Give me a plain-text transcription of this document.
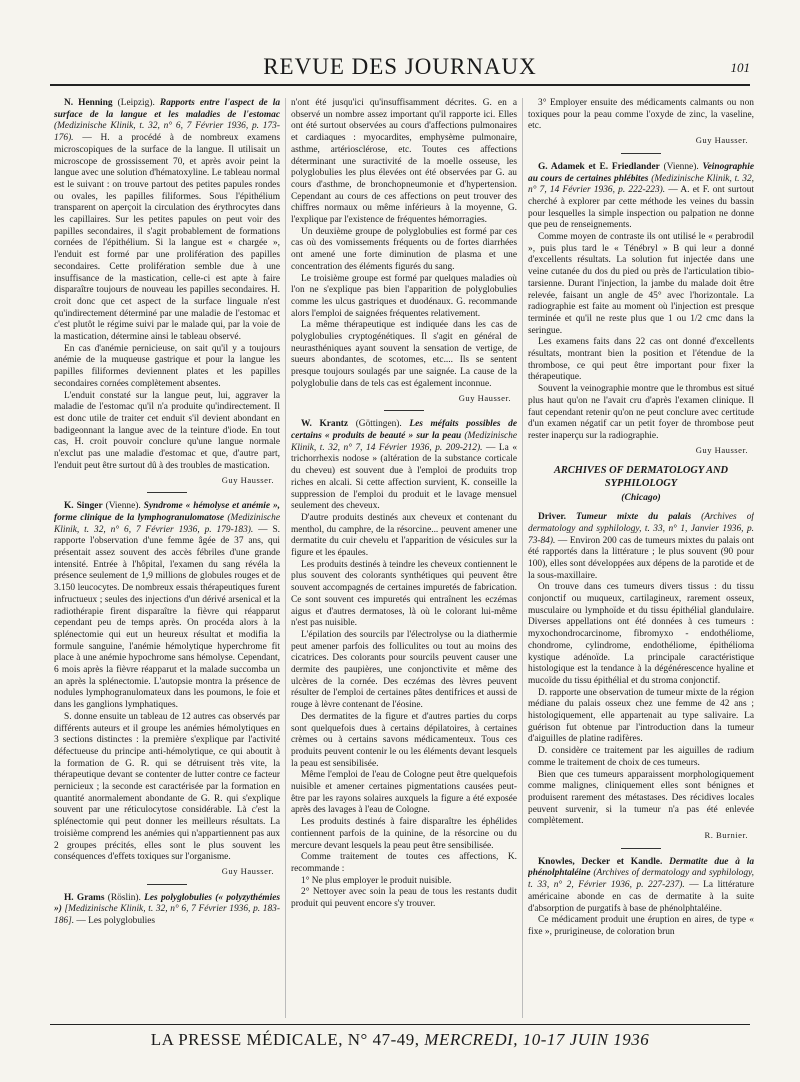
REVUE DES JOURNAUX	101

N. Henning (Leipzig). Rapports entre l'aspect de la surface de la langue et les maladies de l'estomac (Medizinische Klinik, t. 32, n° 6, 7 Février 1936, p. 173-176). — H. a procédé à de nombreux examens microscopiques de la surface de la langue. Il utilisait un microscope de grossissement 70, et après avoir peint la langue avec une solution d'hématoxyline. Le tableau normal est le suivant : on trouve partout des petites papules rondes ou ovales, les papilles filiformes. Sous l'épithélium transparent on aperçoit la circulation des érythrocytes dans les capillaires. Sur les petites papules on peut voir des papilles secondaires, il s'agit probablement de formations cornées de l'épithélium. Si la langue est « chargée », l'enduit est formé par une prolifération des papilles secondaires. Cette prolifération semble due à une insuffisance de la mastication, celle-ci est apte à faire disparaître toujours de nouveau les papilles secondaires. H. croit donc que cet aspect de la surface linguale n'est qu'indirectement déterminé par une maladie de l'estomac et c'est plutôt le régime suivi par le malade qui, par la voie de la mastication, détermine ainsi le tableau observé.

En cas d'anémie pernicieuse, on sait qu'il y a toujours anémie de la muqueuse gastrique et pour la langue les papilles filiformes deviennent plates et les papilles secondaires cornées complètement absentes.

L'enduit constaté sur la langue peut, lui, aggraver la maladie de l'estomac qu'il n'a produite qu'indirectement. Il est donc utile de traiter cet enduit s'il devient abondant en badigeonnant la langue avec de la teinture d'iode. En tout cas, H. croit pouvoir conclure qu'une langue normale n'exclut pas une maladie d'estomac et que, d'autre part, l'enduit peut être surtout dû à des troubles de mastication.

Guy Hausser.

K. Singer (Vienne). Syndrome « hémolyse et anémie », forme clinique de la lymphogranulomatose (Medizinische Klinik, t. 32, n° 6, 7 Février 1936, p. 179-183). — S. rapporte l'observation d'une femme âgée de 37 ans, qui présentait assez souvent des accès fébriles d'une grande intensité. Entrée à l'hôpital, l'examen du sang révéla la présence seulement de 1,9 millions de globules rouges et de 3.150 leucocytes. De nombreux essais thérapeutiques furent infructueux ; seules des injections d'un dérivé arsenical et la radiothérapie firent disparaître la fièvre qui réapparut cependant peu de temps après. On procéda alors à la splénectomie qui eut un heureux résultat et modifia la formule sanguine, l'anémie hémolytique hyperchrome fit place à une anémie hypochrome sans hémolyse. Cependant, 6 mois après la fièvre réapparut et la malade succomba un an après la splénectomie. L'autopsie montra la présence de nodules lymphogranulomateux dans les poumons, le foie et dans les ganglions lymphatiques.

S. donne ensuite un tableau de 12 autres cas observés par différents auteurs et il groupe les anémies hémolytiques en 3 sections distinctes : la première s'explique par l'activité défectueuse du principe anti-hémolytique, ce qui aboutit à la formation de G. R. qui se détruisent très vite, la thérapeutique devant se contenter de lutter contre ce facteur pernicieux ; la seconde est caractérisée par la formation en quantité anormalement abondante de G. R. qui s'explique souvent par une réticulocytose considérable. Là c'est la splénectomie qui peut donner les meilleurs résultats. La troisième comprend les anémies qui n'appartiennent pas aux 2 groupes précités, elles sont le plus souvent les conséquences d'effets toxiques sur l'organisme.

Guy Hausser.

H. Grams (Röslin). Les polyglobulies (« polyzythémies ») [Medizinische Klinik, t. 32, n° 6, 7 Février 1936, p. 183-186]. — Les polyglobulies

n'ont été jusqu'ici qu'insuffisamment décrites. G. en a observé un nombre assez important qu'il rapporte ici. Elles ont été surtout observées au cours d'affections pulmonaires et cardiaques : myocardites, emphysème pulmonaire, asthme, artériosclérose, etc. Toutes ces affections déterminant une suractivité de la moelle osseuse, les polyglobulies les plus élevées ont été observées par G. au cours d'asthme, de bronchopneumonie et d'hypertension. Cependant au cours de ces affections on peut trouver des chiffres normaux ou même inférieurs à la moyenne, G. l'explique par l'existence de fréquentes hémorragies.

Un deuxième groupe de polyglobulies est formé par ces cas où des vomissements fréquents ou de fortes diarrhées ont amené une forte diminution de plasma et une concentration des éléments figurés du sang.

Le troisième groupe est formé par quelques maladies où l'on ne s'explique pas bien l'apparition de polyglobulies comme les ulcus gastriques et duodénaux. G. recommande alors l'emploi de saignées fréquentes relativement.

La même thérapeutique est indiquée dans les cas de polyglobulies cryptogénétiques. Il s'agit en général de neurasthéniques ayant souvent la sensation de vertige, de sueurs abondantes, de scotomes, etc.... Ils se sentent presque toujours soulagés par une saignée. La cause de la polyglobulie dans de tels cas est également inconnue.

Guy Hausser.

W. Krantz (Göttingen). Les méfaits possibles de certains « produits de beauté » sur la peau (Medizinische Klinik, t. 32, n° 7, 14 Février 1936, p. 209-212). — La « trichorrhexis nodose » (altération de la substance corticale du cheveu) est souvent due à l'emploi de produits trop riches en alcali. Si cette affection survient, K. conseille la suppression de l'emploi du produit et le lavage mensuel seulement des cheveux.

D'autre produits destinés aux cheveux et contenant du menthol, du camphre, de la résorcine... peuvent amener une dermatite du cuir chevelu et l'apparition de vésicules sur la figure et les épaules.

Les produits destinés à teindre les cheveux contiennent le plus souvent des colorants synthétiques qui peuvent être souvent accompagnés de certaines impuretés de fabrication. Ce sont souvent ces impuretés qui entraînent les eczémas aigus et d'autres dermatoses, là où le colorant lui-même n'est pas nuisible.

L'épilation des sourcils par l'électrolyse ou la diathermie peut amener parfois des folliculites ou tout au moins des cicatrices. Des colorants pour sourcils peuvent causer une dermite des paupières, une conjonctivite et même des ulcères de la cornée. Des eczémas des lèvres peuvent résulter de l'emploi de certaines pâtes dentifrices et aussi de rouge à lèvre contenant de l'éosine.

Des dermatites de la figure et d'autres parties du corps sont quelquefois dues à certains dépilatoires, à certaines crèmes ou à certains savons médicamenteux. Tous ces produits peuvent contenir le ou les éléments devant lesquels la peau est sensibilisée.

Même l'emploi de l'eau de Cologne peut être quelquefois nuisible et amener certaines pigmentations causées peut-être par les rayons solaires auxquels la figure a été exposée après des lavages à l'eau de Cologne.

Les produits destinés à faire disparaître les éphélides contiennent parfois de la quinine, de la résorcine ou du mercure devant lesquels la peau peut être sensibilisée.

Comme traitement de toutes ces affections, K. recommande :

1° Ne plus employer le produit nuisible.

2° Nettoyer avec soin la peau de tous les restants dudit produit qui peuvent encore s'y trouver.

3° Employer ensuite des médicaments calmants ou non toxiques pour la peau comme l'oxyde de zinc, la vaseline, etc.

Guy Hausser.

G. Adamek et E. Friedlander (Vienne). Veinographie au cours de certaines phlébites (Medizinische Klinik, t. 32, n° 7, 14 Février 1936, p. 222-223). — A. et F. ont surtout cherché à explorer par cette méthode les veines du bassin pour lesquelles la simple inspection ou palpation ne donne que peu de renseignements.

Comme moyen de contraste ils ont utilisé le « perabrodil », puis plus tard le « Ténébryl » B qui leur a donné d'excellents résultats. La solution fut injectée dans une veine cutanée du dos du pied ou près de l'articulation tibio-tarsienne. Durant l'injection, la jambe du malade doit être relevée, faisant un angle de 45° avec l'horizontale. La radiographie est faite au moment où l'injection est presque terminée et qu'il ne reste plus que 1 ou 1/2 cmc dans la seringue.

Les examens faits dans 22 cas ont donné d'excellents résultats, montrant bien la position et l'étendue de la thrombose, ce qui peut être important pour fixer la thérapeutique.

Souvent la veinographie montre que le thrombus est situé plus haut qu'on ne l'avait cru d'après l'examen clinique. Il faut cependant retenir qu'on ne peut conclure avec certitude d'un examen négatif car un petit foyer de thrombose peut rester inaperçu sur la radiographie.

Guy Hausser.
ARCHIVES OF DERMATOLOGY AND SYPHILOLOGY
(Chicago)

Driver. Tumeur mixte du palais (Archives of dermatology and syphilology, t. 33, n° 1, Janvier 1936, p. 73-84). — Environ 200 cas de tumeurs mixtes du palais ont été rapportés dans la littérature ; le plus souvent (90 pour 100), elles sont développées aux dépens de la parotide et de la sous-maxillaire.

On trouve dans ces tumeurs divers tissus : du tissu conjonctif ou muqueux, cartilagineux, rarement osseux, musculaire ou lymphoïde et du tissu épithélial glandulaire. Diverses appellations ont été données à ces tumeurs : myxochondrocarcinome, fibromyxo - endothéliome, chondrome, cylindrome, endothéliome, épithélioma kystique adénoïde. La principale caractéristique histologique est la tendance à la dégénérescence hyaline et mucoïde du tissu épithélial et du stroma conjonctif.

D. rapporte une observation de tumeur mixte de la région médiane du palais osseux chez une femme de 42 ans ; histologiquement, elle appartenait au type salivaire. La guérison fut obtenue par l'introduction dans la tumeur d'aiguilles de platine radifères.

D. considère ce traitement par les aiguilles de radium comme le traitement de choix de ces tumeurs.

Bien que ces tumeurs apparaissent morphologiquement comme malignes, cliniquement elles sont bénignes et produisent rarement des métastases. Des récidives locales peuvent survenir, si la tumeur n'a pas été enlevée complètement.

R. Burnier.

Knowles, Decker et Kandle. Dermatite due à la phénolphtaléine (Archives of dermatology and syphilology, t. 33, n° 2, Février 1936, p. 227-237). — La littérature américaine abonde en cas de dermatite à la suite d'absorption de purgatifs à base de phénolphtaléine.

Ce médicament produit une éruption en aires, de type « fixe », prurigineuse, de coloration brun

LA PRESSE MÉDICALE, N° 47-49, MERCREDI, 10-17 JUIN 1936
